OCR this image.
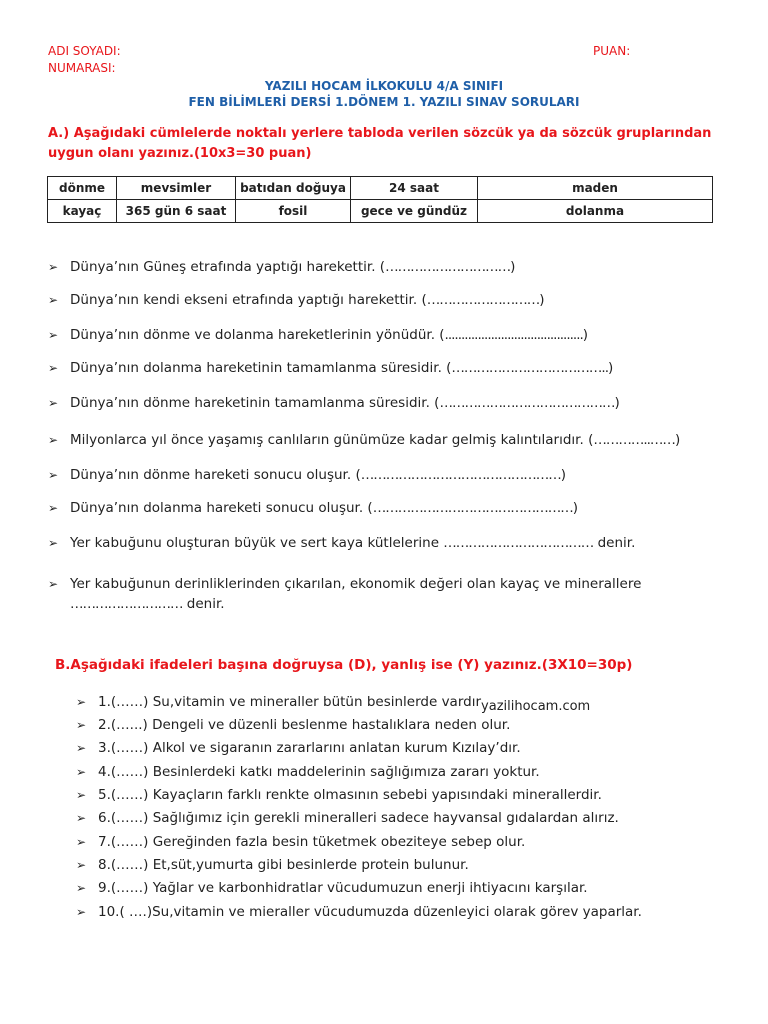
ADI SOYADI:
NUMARASI:
PUAN:
YAZILI HOCAM İLKOKULU 4/A SINIFI
FEN BİLİMLERİ DERSİ 1.DÖNEM 1. YAZILI SINAV SORULARI
A.) Aşağıdaki cümlelerde noktalı yerlere tabloda verilen sözcük ya da sözcük gruplarından uygun olanı yazınız.(10x3=30 puan)
dönme	mevsimler	batıdan doğuya	24 saat	maden
kayaç	365 gün 6 saat	fosil	gece ve gündüz	dolanma
➢ Dünya’nın Güneş etrafında yaptığı harekettir. (…………………………)
➢ Dünya’nın kendi ekseni etrafında yaptığı harekettir. (………………………)
➢ Dünya’nın dönme ve dolanma hareketlerinin yönüdür. (..........................................)
➢ Dünya’nın dolanma hareketinin tamamlanma süresidir. (………………………………..)
➢ Dünya’nın dönme hareketinin tamamlanma süresidir. (……………………………………)
➢ Milyonlarca yıl önce yaşamış canlıların günümüze kadar gelmiş kalıntılarıdır. (…………..……)
➢ Dünya’nın dönme hareketi sonucu oluşur. (…………………………………………)
➢ Dünya’nın dolanma hareketi sonucu oluşur. (…………………………………………)
➢ Yer kabuğunu oluşturan büyük ve sert kaya kütlelerine ……………………………… denir.
➢ Yer kabuğunun derinliklerinden çıkarılan, ekonomik değeri olan kayaç ve minerallere
……………………… denir.
B.Aşağıdaki ifadeleri başına doğruysa (D), yanlış ise (Y) yazınız.(3X10=30p)
➢ 1.(……) Su,vitamin ve mineraller bütün besinlerde vardıryazilihocam.com
➢ 2.(…...) Dengeli ve düzenli beslenme hastalıklara neden olur.
➢ 3.(……) Alkol ve sigaranın zararlarını anlatan kurum Kızılay’dır.
➢ 4.(……) Besinlerdeki katkı maddelerinin sağlığımıza zararı yoktur.
➢ 5.(……) Kayaçların farklı renkte olmasının sebebi yapısındaki minerallerdir.
➢ 6.(……) Sağlığımız için gerekli mineralleri sadece hayvansal gıdalardan alırız.
➢ 7.(……) Gereğinden fazla besin tüketmek obeziteye sebep olur.
➢ 8.(……) Et,süt,yumurta gibi besinlerde protein bulunur.
➢ 9.(……) Yağlar ve karbonhidratlar vücudumuzun enerji ihtiyacını karşılar.
➢ 10.( ….)Su,vitamin ve mieraller vücudumuzda düzenleyici olarak görev yaparlar.
